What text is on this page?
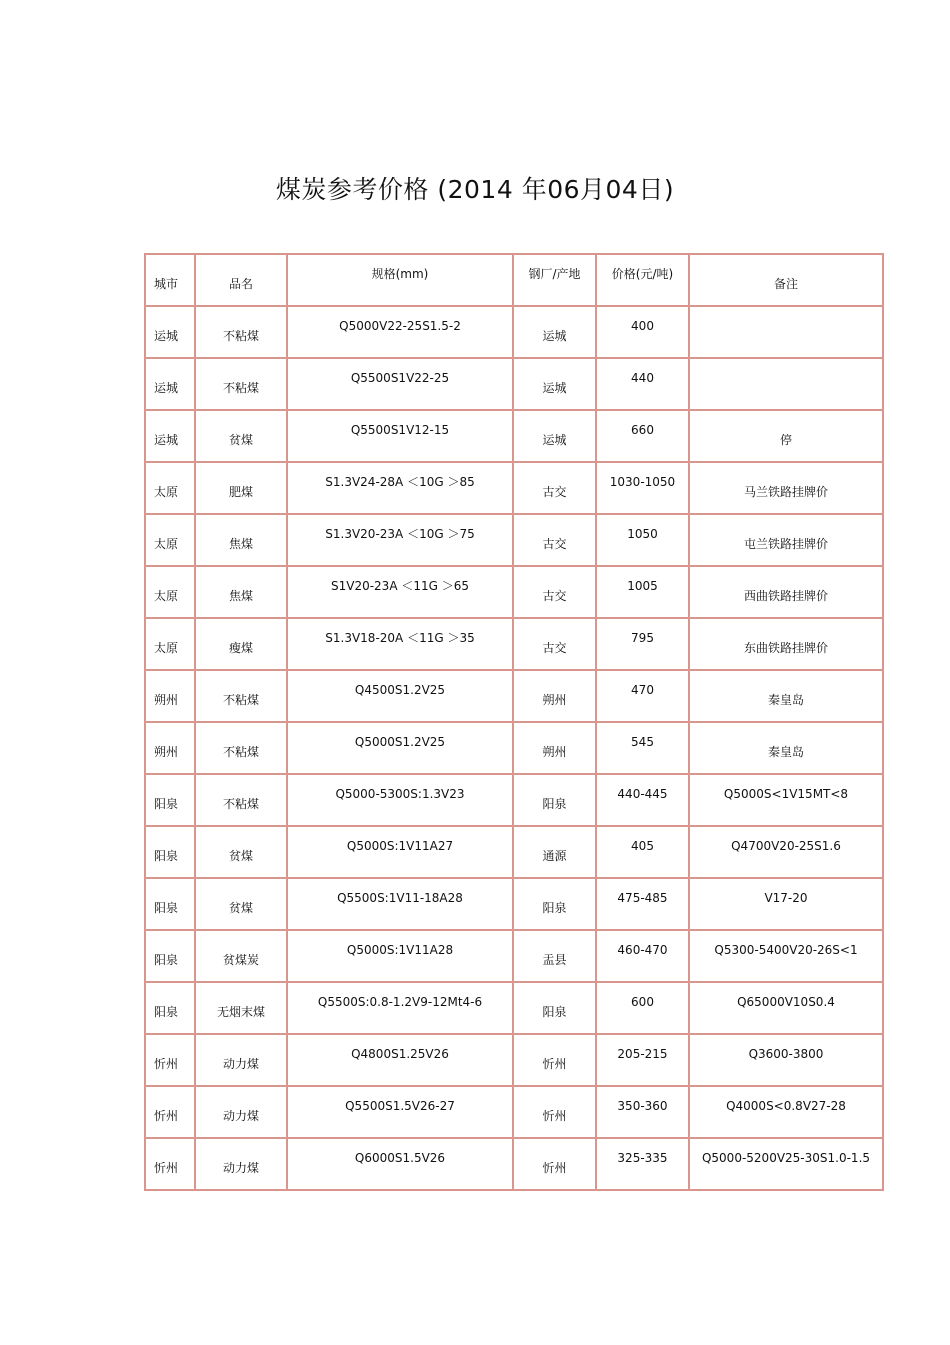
煤炭参考价格 (2014 年06月04日)
城市	品名	规格(mm)	钢厂/产地	价格(元/吨)	备注

运城	不粘煤	Q5000V22-25S1.5-2	运城	400	

运城	不粘煤	Q5500S1V22-25	运城	440	

运城	贫煤	Q5500S1V12-15	运城	660	停

太原	肥煤	S1.3V24-28A ＜10G ＞85	古交	1030-1050	马兰铁路挂牌价

太原	焦煤	S1.3V20-23A ＜10G ＞75	古交	1050	屯兰铁路挂牌价

太原	焦煤	S1V20-23A ＜11G ＞65	古交	1005	西曲铁路挂牌价

太原	瘦煤	S1.3V18-20A ＜11G ＞35	古交	795	东曲铁路挂牌价

朔州	不粘煤	Q4500S1.2V25	朔州	470	秦皇岛

朔州	不粘煤	Q5000S1.2V25	朔州	545	秦皇岛

阳泉	不粘煤	Q5000-5300S:1.3V23	阳泉	440-445	Q5000S<1V15MT<8

阳泉	贫煤	Q5000S:1V11A27	通源	405	Q4700V20-25S1.6

阳泉	贫煤	Q5500S:1V11-18A28	阳泉	475-485	V17-20

阳泉	贫煤炭	Q5000S:1V11A28	盂县	460-470	Q5300-5400V20-26S<1

阳泉	无烟末煤	Q5500S:0.8-1.2V9-12Mt4-6	阳泉	600	Q65000V10S0.4

忻州	动力煤	Q4800S1.25V26	忻州	205-215	Q3600-3800

忻州	动力煤	Q5500S1.5V26-27	忻州	350-360	Q4000S<0.8V27-28

忻州	动力煤	Q6000S1.5V26	忻州	325-335	Q5000-5200V25-30S1.0-1.5
